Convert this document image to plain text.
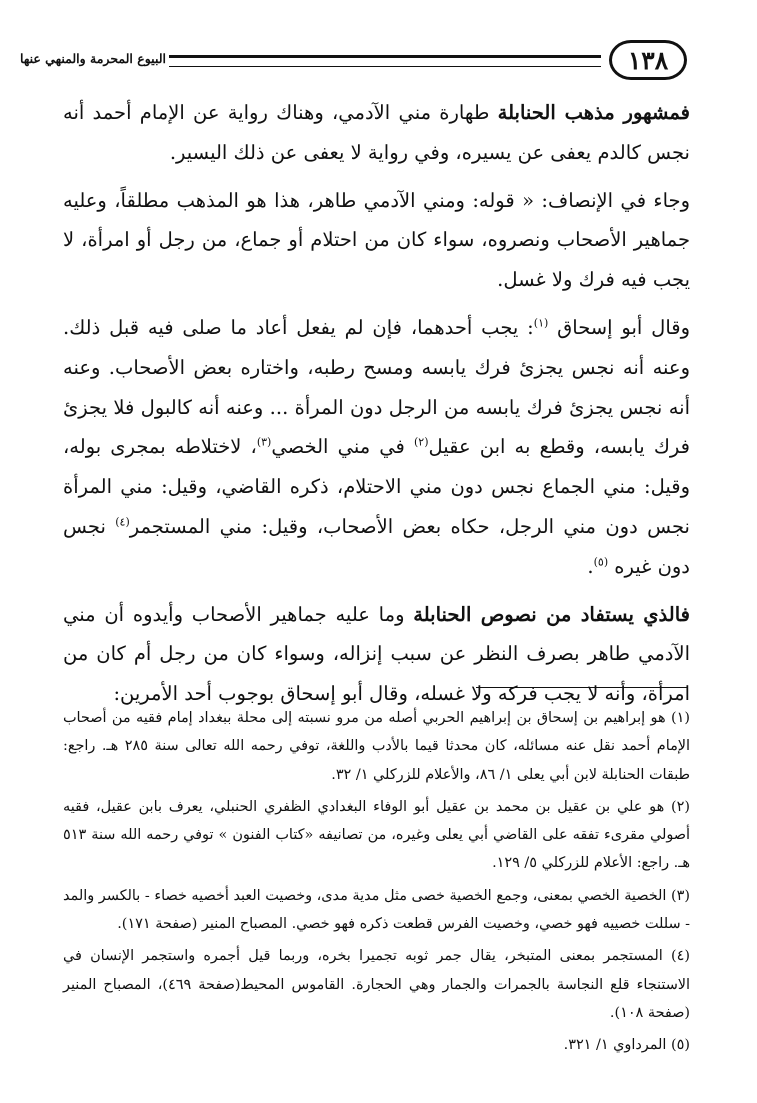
١٣٨
البيوع المحرمة والمنهي عنها

فمشهور مذهب الحنابلة طهارة مني الآدمي، وهناك رواية عن الإمام أحمد أنه نجس كالدم يعفى عن يسيره، وفي رواية لا يعفى عن ذلك اليسير.

وجاء في الإنصاف: « قوله: ومني الآدمي طاهر، هذا هو المذهب مطلقاً، وعليه جماهير الأصحاب ونصروه، سواء كان من احتلام أو جماع، من رجل أو امرأة، لا يجب فيه فرك ولا غسل.

وقال أبو إسحاق $^{(١)}$: يجب أحدهما، فإن لم يفعل أعاد ما صلى فيه قبل ذلك. وعنه أنه نجس يجزئ فرك يابسه ومسح رطبه، واختاره بعض الأصحاب. وعنه أنه نجس يجزئ فرك يابسه من الرجل دون المرأة ... وعنه أنه كالبول فلا يجزئ فرك يابسه، وقطع به ابن عقيل$^{(٢)}$ في مني الخصي$^{(٣)}$، لاختلاطه بمجرى بوله، وقيل: مني الجماع نجس دون مني الاحتلام، ذكره القاضي، وقيل: مني المرأة نجس دون مني الرجل، حكاه بعض الأصحاب، وقيل: مني المستجمر$^{(٤)}$ نجس دون غيره $^{(٥)}$.

فالذي يستفاد من نصوص الحنابلة وما عليه جماهير الأصحاب وأيدوه أن مني الآدمي طاهر بصرف النظر عن سبب إنزاله، وسواء كان من رجل أم كان من امرأة، وأنه لا يجب فركه ولا غسله، وقال أبو إسحاق بوجوب أحد الأمرين:

(١) هو إبراهيم بن إسحاق بن إبراهيم الحربي أصله من مرو نسبته إلى محلة ببغداد إمام فقيه من أصحاب الإمام أحمد نقل عنه مسائله، كان محدثا قيما بالأدب واللغة، توفي رحمه الله تعالى سنة ٢٨٥ هـ. راجع: طبقات الحنابلة لابن أبي يعلى ١/ ٨٦، والأعلام للزركلي ١/ ٣٢.

(٢) هو علي بن عقيل بن محمد بن عقيل أبو الوفاء البغدادي الظفري الحنبلي، يعرف بابن عقيل، فقيه أصولي مقرىء تفقه على القاضي أبي يعلى وغيره، من تصانيفه «كتاب الفنون » توفي رحمه الله سنة ٥١٣ هـ. راجع: الأعلام للزركلي ٥/ ١٢٩.

(٣) الخصية الخصي بمعنى، وجمع الخصية خصى مثل مدية مدى، وخصيت العبد أخصيه خصاء - بالكسر والمد - سللت خصييه فهو خصي، وخصيت الفرس قطعت ذكره فهو خصي. المصباح المنير (صفحة ١٧١).

(٤) المستجمر بمعنى المتبخر، يقال جمر ثوبه تجميرا بخره، وربما قيل أجمره واستجمر الإنسان في الاستنجاء قلع النجاسة بالجمرات والجمار وهي الحجارة. القاموس المحيط(صفحة ٤٦٩)، المصباح المنير (صفحة ١٠٨).

(٥) المرداوي ١/ ٣٢١.
